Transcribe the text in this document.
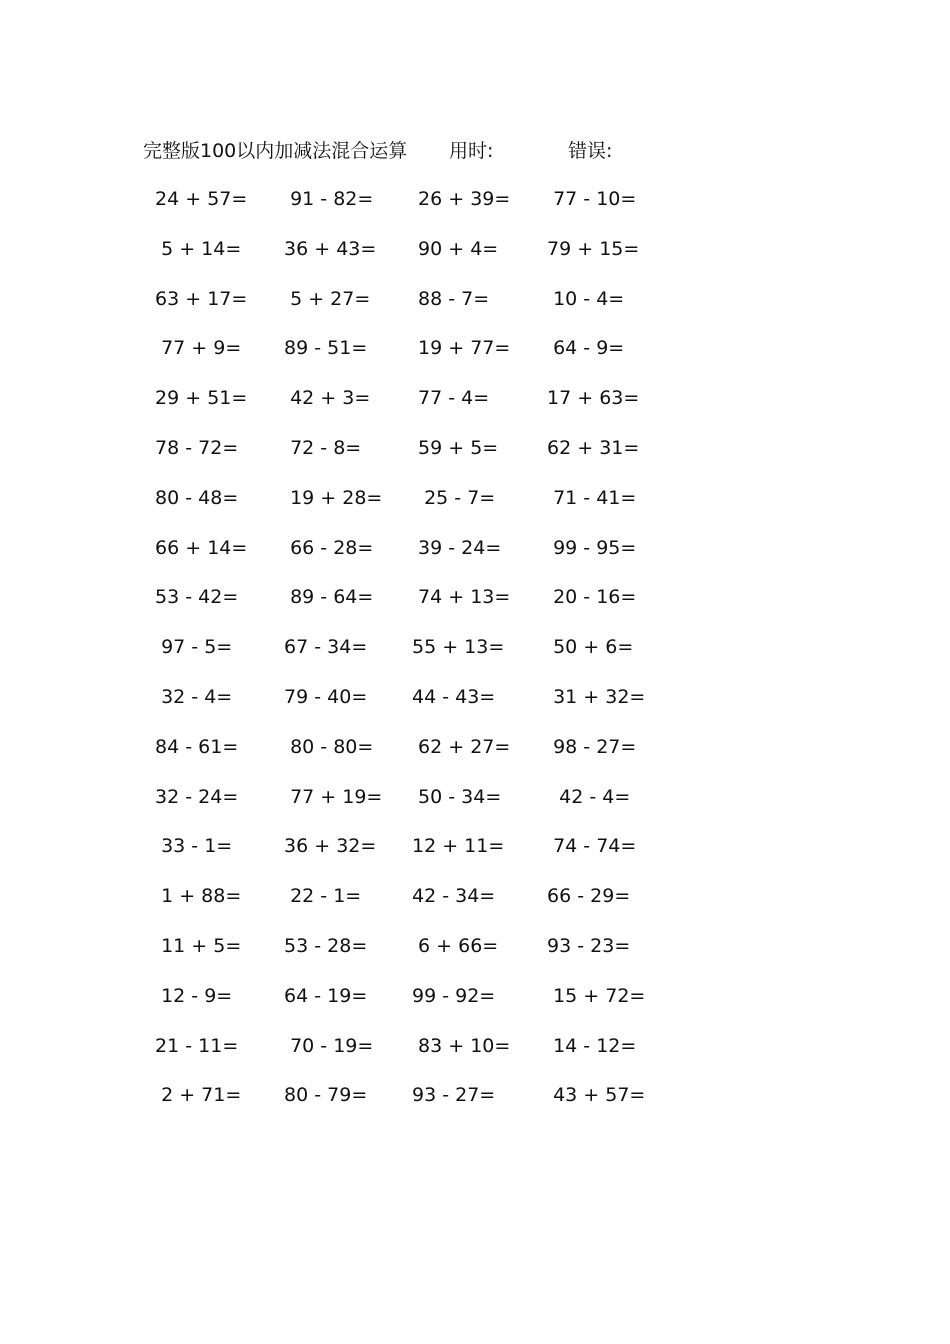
完整版100以内加减法混合运算 用时:	错误:
24 + 57= 91 - 82= 26 + 39= 77 - 10=
5 + 14= 36 + 43= 90 + 4= 79 + 15=
63 + 17= 5 + 27= 88 - 7=	10 - 4=
77 + 9= 89 - 51= 19 + 77= 64 - 9=
29 + 51= 42 + 3= 77 - 4=	17 + 63=
78 - 72= 72 - 8=	59 + 5= 62 + 31=
80 - 48= 19 + 28= 25 - 7= 71 - 41=
66 + 14= 66 - 28= 39 - 24= 99 - 95=
53 - 42= 89 - 64= 74 + 13= 20 - 16=
97 - 5= 67 - 34= 55 + 13= 50 + 6=
32 - 4= 79 - 40= 44 - 43= 31 + 32=
84 - 61= 80 - 80= 62 + 27= 98 - 27=
32 - 24= 77 + 19= 50 - 34= 42 - 4=
33 - 1= 36 + 32= 12 + 11= 74 - 74=
1 + 88= 22 - 1=	42 - 34= 66 - 29=
11 + 5= 53 - 28= 6 + 66= 93 - 23=
12 - 9= 64 - 19= 99 - 92= 15 + 72=
21 - 11= 70 - 19= 83 + 10= 14 - 12=
2 + 71= 80 - 79= 93 - 27= 43 + 57=
